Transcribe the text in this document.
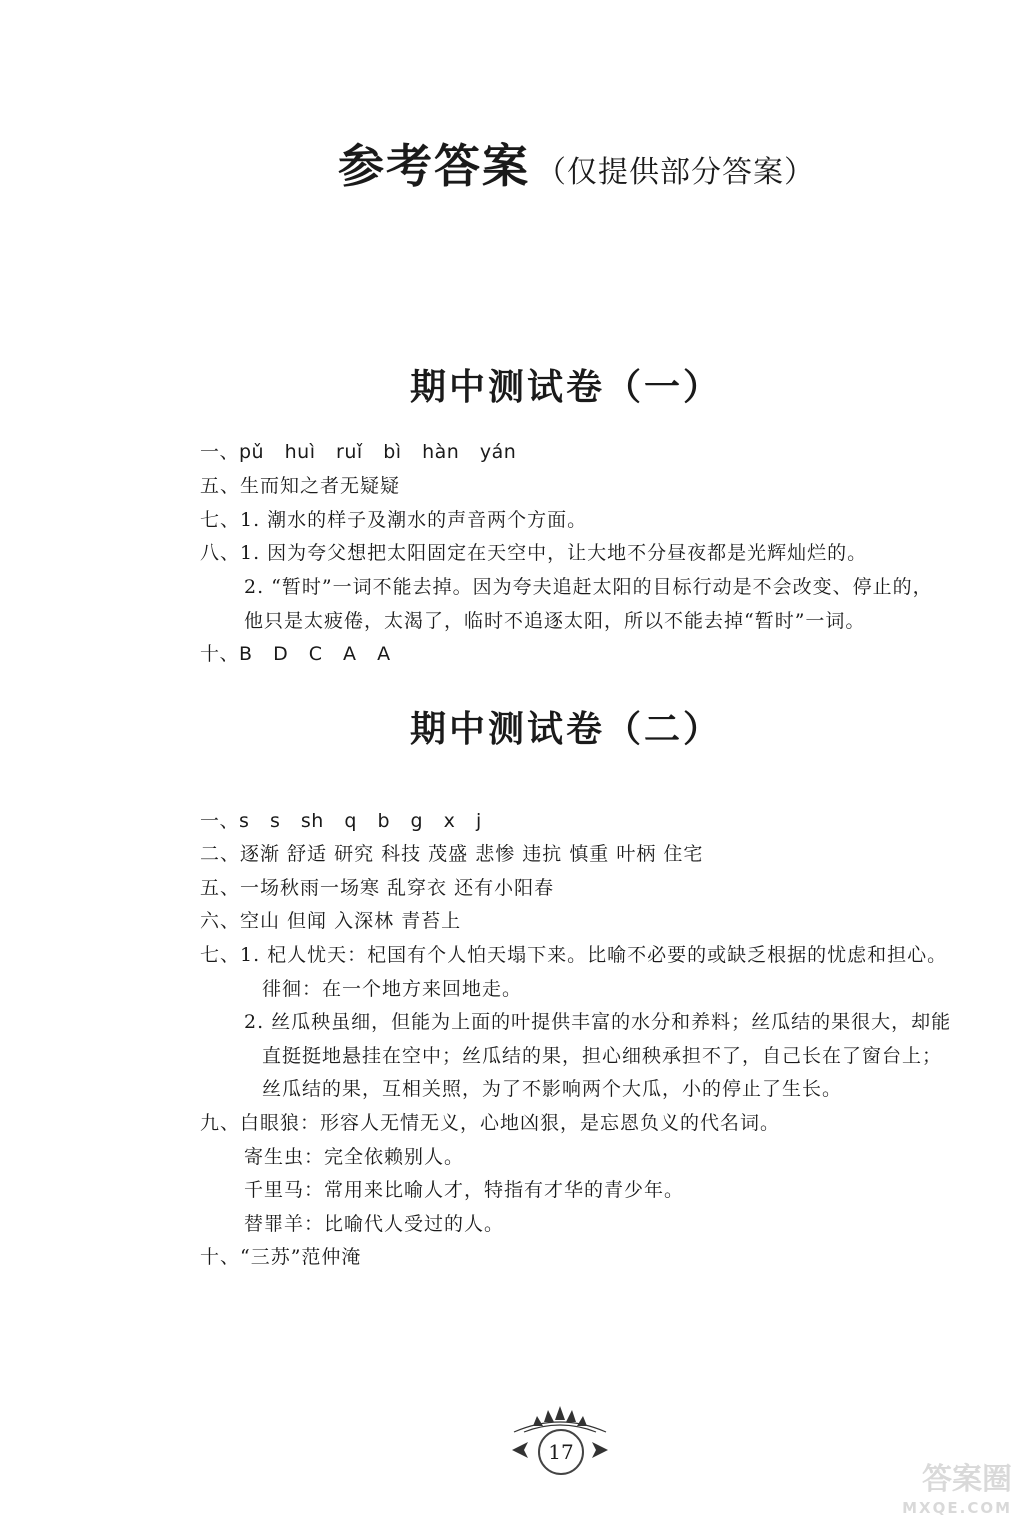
参考答案 （仅提供部分答案）
期中测试卷（一）
一、pǔ huì ruǐ bì hàn yán
五、生而知之者无疑疑
七、1. 潮水的样子及潮水的声音两个方面。
八、1. 因为夸父想把太阳固定在天空中，让大地不分昼夜都是光辉灿烂的。
2. “暂时”一词不能去掉。因为夸夫追赶太阳的目标行动是不会改变、停止的，
他只是太疲倦，太渴了，临时不追逐太阳，所以不能去掉“暂时”一词。
十、B D C A A
期中测试卷（二）
一、s s sh q b g x j
二、逐渐 舒适 研究 科技 茂盛 悲惨 违抗 慎重 叶柄 住宅
五、一场秋雨一场寒 乱穿衣 还有小阳春
六、空山 但闻 入深林 青苔上
七、1. 杞人忧天：杞国有个人怕天塌下来。比喻不必要的或缺乏根据的忧虑和担心。
徘徊：在一个地方来回地走。
2. 丝瓜秧虽细，但能为上面的叶提供丰富的水分和养料；丝瓜结的果很大，却能
直挺挺地悬挂在空中；丝瓜结的果，担心细秧承担不了，自己长在了窗台上；
丝瓜结的果，互相关照，为了不影响两个大瓜，小的停止了生长。
九、白眼狼：形容人无情无义，心地凶狠，是忘恩负义的代名词。
寄生虫：完全依赖别人。
千里马：常用来比喻人才，特指有才华的青少年。
替罪羊：比喻代人受过的人。
十、“三苏”范仲淹
17
答案圈
MXQE.COM
